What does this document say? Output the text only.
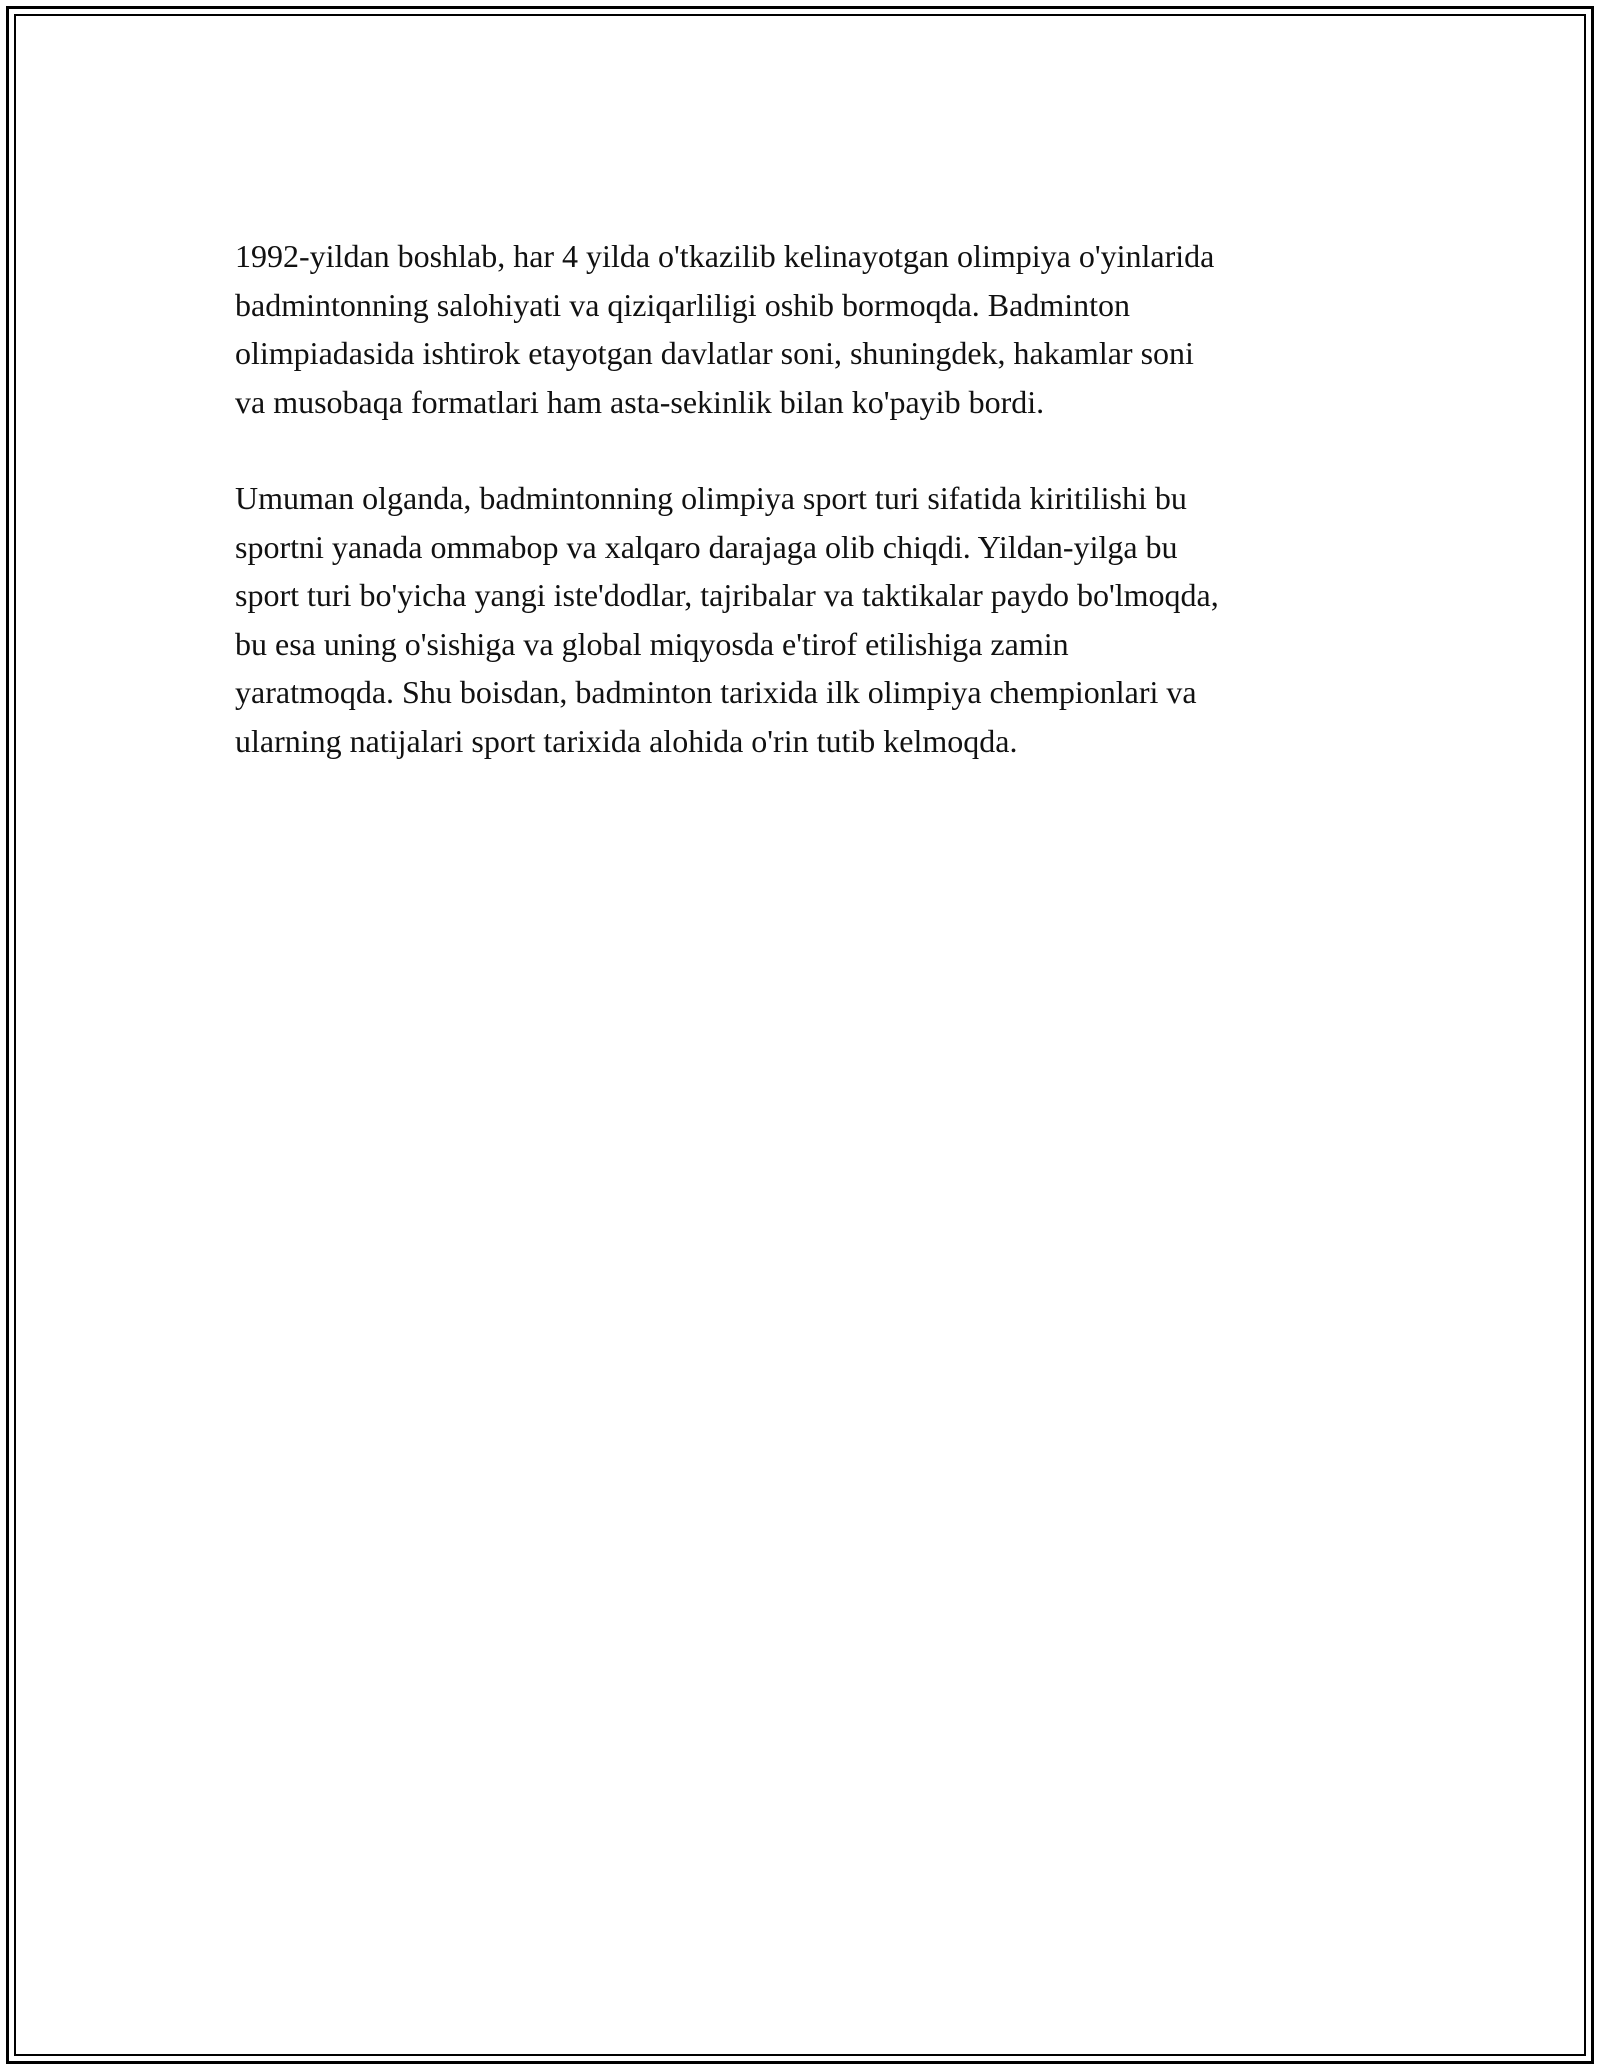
1992-yildan boshlab, har 4 yilda o'tkazilib kelinayotgan olimpiya o'yinlarida
badmintonning salohiyati va qiziqarliligi oshib bormoqda. Badminton
olimpiadasida ishtirok etayotgan davlatlar soni, shuningdek, hakamlar soni
va musobaqa formatlari ham asta-sekinlik bilan ko'payib bordi.

Umuman olganda, badmintonning olimpiya sport turi sifatida kiritilishi bu
sportni yanada ommabop va xalqaro darajaga olib chiqdi. Yildan-yilga bu
sport turi bo'yicha yangi iste'dodlar, tajribalar va taktikalar paydo bo'lmoqda,
bu esa uning o'sishiga va global miqyosda e'tirof etilishiga zamin
yaratmoqda. Shu boisdan, badminton tarixida ilk olimpiya chempionlari va
ularning natijalari sport tarixida alohida o'rin tutib kelmoqda.
